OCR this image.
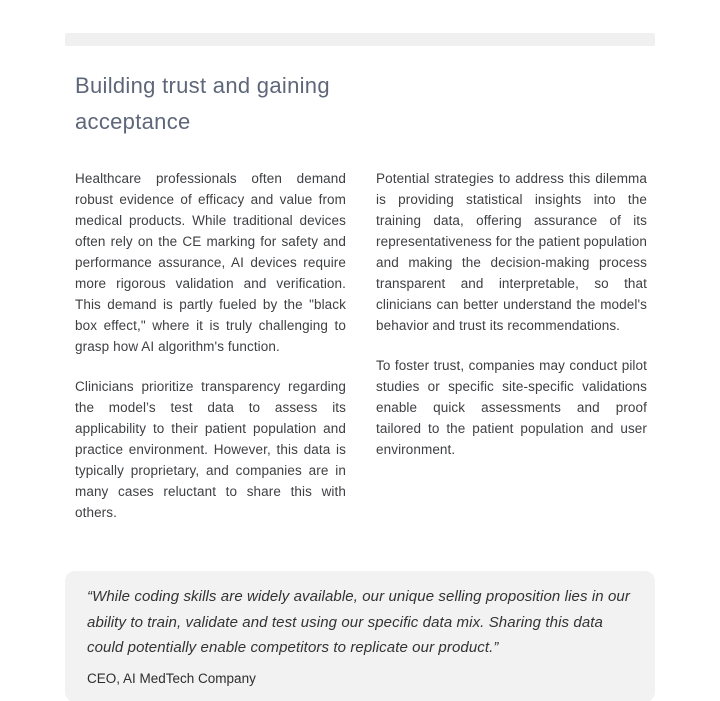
Building trust and gaining acceptance

Healthcare professionals often demand robust evidence of efficacy and value from medical products. While traditional devices often rely on the CE marking for safety and performance assurance, AI devices require more rigorous validation and verification. This demand is partly fueled by the "black box effect," where it is truly challenging to grasp how AI algorithm's function.

Clinicians prioritize transparency regarding the model’s test data to assess its applicability to their patient population and practice environment. However, this data is typically proprietary, and companies are in many cases reluctant to share this with others.

Potential strategies to address this dilemma is providing statistical insights into the training data, offering assurance of its representativeness for the patient population and making the decision-making process transparent and interpretable, so that clinicians can better understand the model's behavior and trust its recommendations.

To foster trust, companies may conduct pilot studies or specific site-specific validations enable quick assessments and proof tailored to the patient population and user environment.

“While coding skills are widely available, our unique selling proposition lies in our ability to train, validate and test using our specific data mix. Sharing this data could potentially enable competitors to replicate our product.”
CEO, AI MedTech Company
